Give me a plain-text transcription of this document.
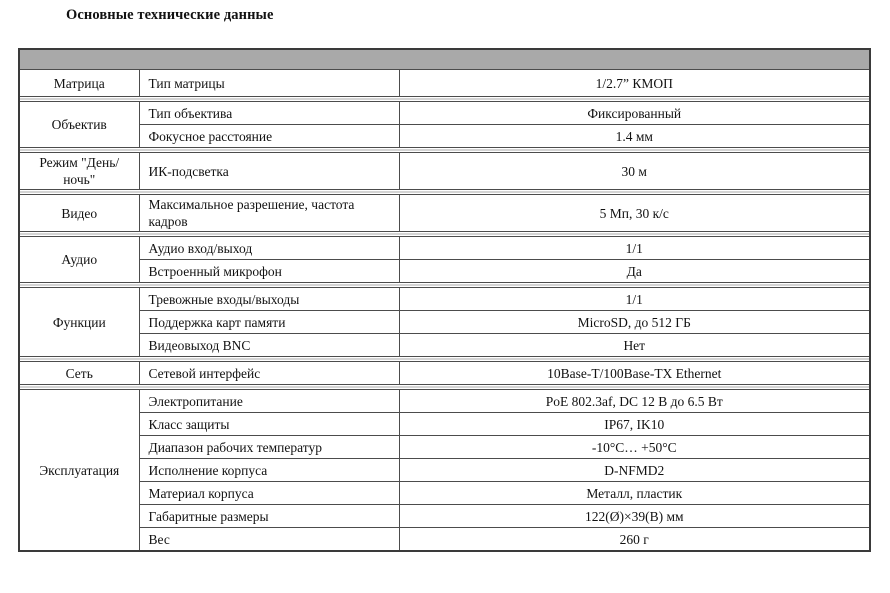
Основные технические данные

Матрица	Тип матрицы	1/2.7” КМОП

Объектив	Тип объектива	Фиксированный
	Фокусное расстояние	1.4 мм

Режим "День/ночь"	ИК-подсветка	30 м

Видео	Максимальное разрешение, частота кадров	5 Мп, 30 к/с

Аудио	Аудио вход/выход	1/1
	Встроенный микрофон	Да

Функции	Тревожные входы/выходы	1/1
	Поддержка карт памяти	MicroSD, до 512 ГБ
	Видеовыход BNC	Нет

Сеть	Сетевой интерфейс	10Base-T/100Base-TX Ethernet

Эксплуатация	Электропитание	PoE 802.3af, DC 12 В до 6.5 Вт
	Класс защиты	IP67, IK10
	Диапазон рабочих температур	-10°C… +50°C
	Исполнение корпуса	D-NFMD2
	Материал корпуса	Металл, пластик
	Габаритные размеры	122(Ø)×39(В) мм
	Вес	260 г
